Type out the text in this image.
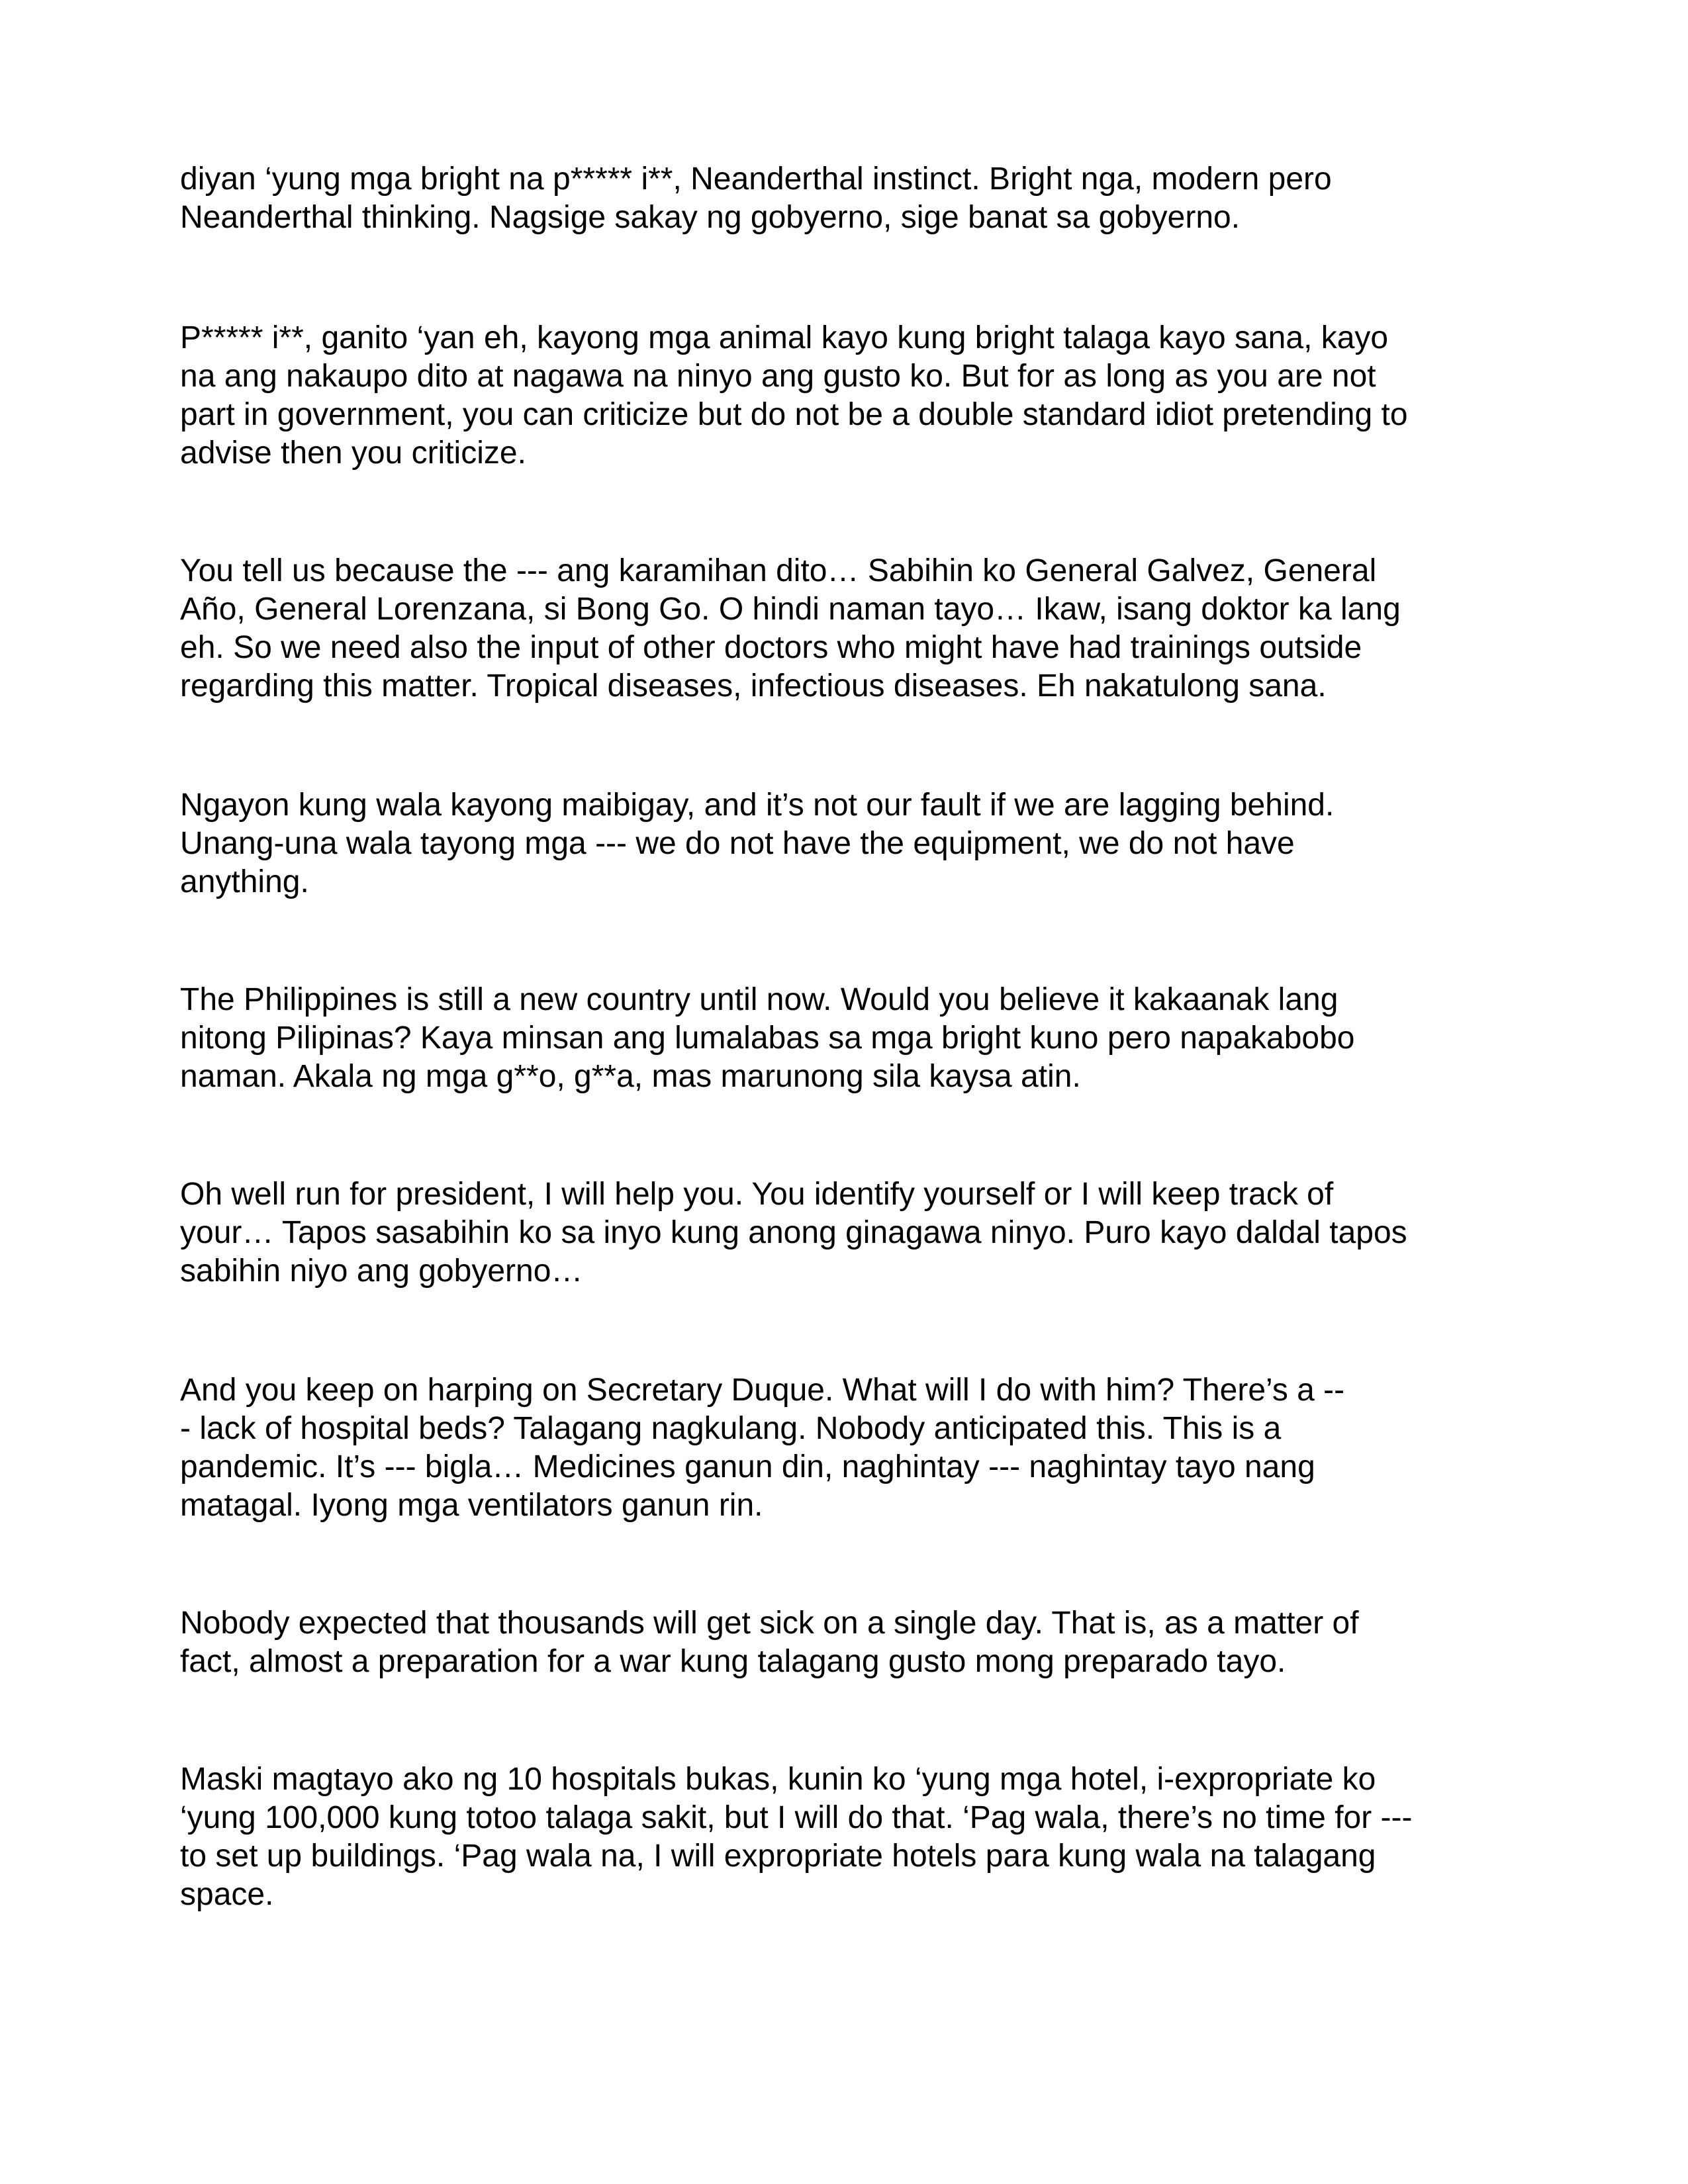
diyan ‘yung mga bright na p***** i**, Neanderthal instinct. Bright nga, modern pero
Neanderthal thinking. Nagsige sakay ng gobyerno, sige banat sa gobyerno.

P***** i**, ganito ‘yan eh, kayong mga animal kayo kung bright talaga kayo sana, kayo
na ang nakaupo dito at nagawa na ninyo ang gusto ko. But for as long as you are not
part in government, you can criticize but do not be a double standard idiot pretending to
advise then you criticize.

You tell us because the --- ang karamihan dito… Sabihin ko General Galvez, General
Año, General Lorenzana, si Bong Go. O hindi naman tayo… Ikaw, isang doktor ka lang
eh. So we need also the input of other doctors who might have had trainings outside
regarding this matter. Tropical diseases, infectious diseases. Eh nakatulong sana.

Ngayon kung wala kayong maibigay, and it’s not our fault if we are lagging behind.
Unang-una wala tayong mga --- we do not have the equipment, we do not have
anything.

The Philippines is still a new country until now. Would you believe it kakaanak lang
nitong Pilipinas? Kaya minsan ang lumalabas sa mga bright kuno pero napakabobo
naman. Akala ng mga g**o, g**a, mas marunong sila kaysa atin.

Oh well run for president, I will help you. You identify yourself or I will keep track of
your… Tapos sasabihin ko sa inyo kung anong ginagawa ninyo. Puro kayo daldal tapos
sabihin niyo ang gobyerno…

And you keep on harping on Secretary Duque. What will I do with him? There’s a --
- lack of hospital beds? Talagang nagkulang. Nobody anticipated this. This is a
pandemic. It’s --- bigla… Medicines ganun din, naghintay --- naghintay tayo nang
matagal. Iyong mga ventilators ganun rin.

Nobody expected that thousands will get sick on a single day. That is, as a matter of
fact, almost a preparation for a war kung talagang gusto mong preparado tayo.

Maski magtayo ako ng 10 hospitals bukas, kunin ko ‘yung mga hotel, i-expropriate ko
‘yung 100,000 kung totoo talaga sakit, but I will do that. ‘Pag wala, there’s no time for ---
to set up buildings. ‘Pag wala na, I will expropriate hotels para kung wala na talagang
space.
